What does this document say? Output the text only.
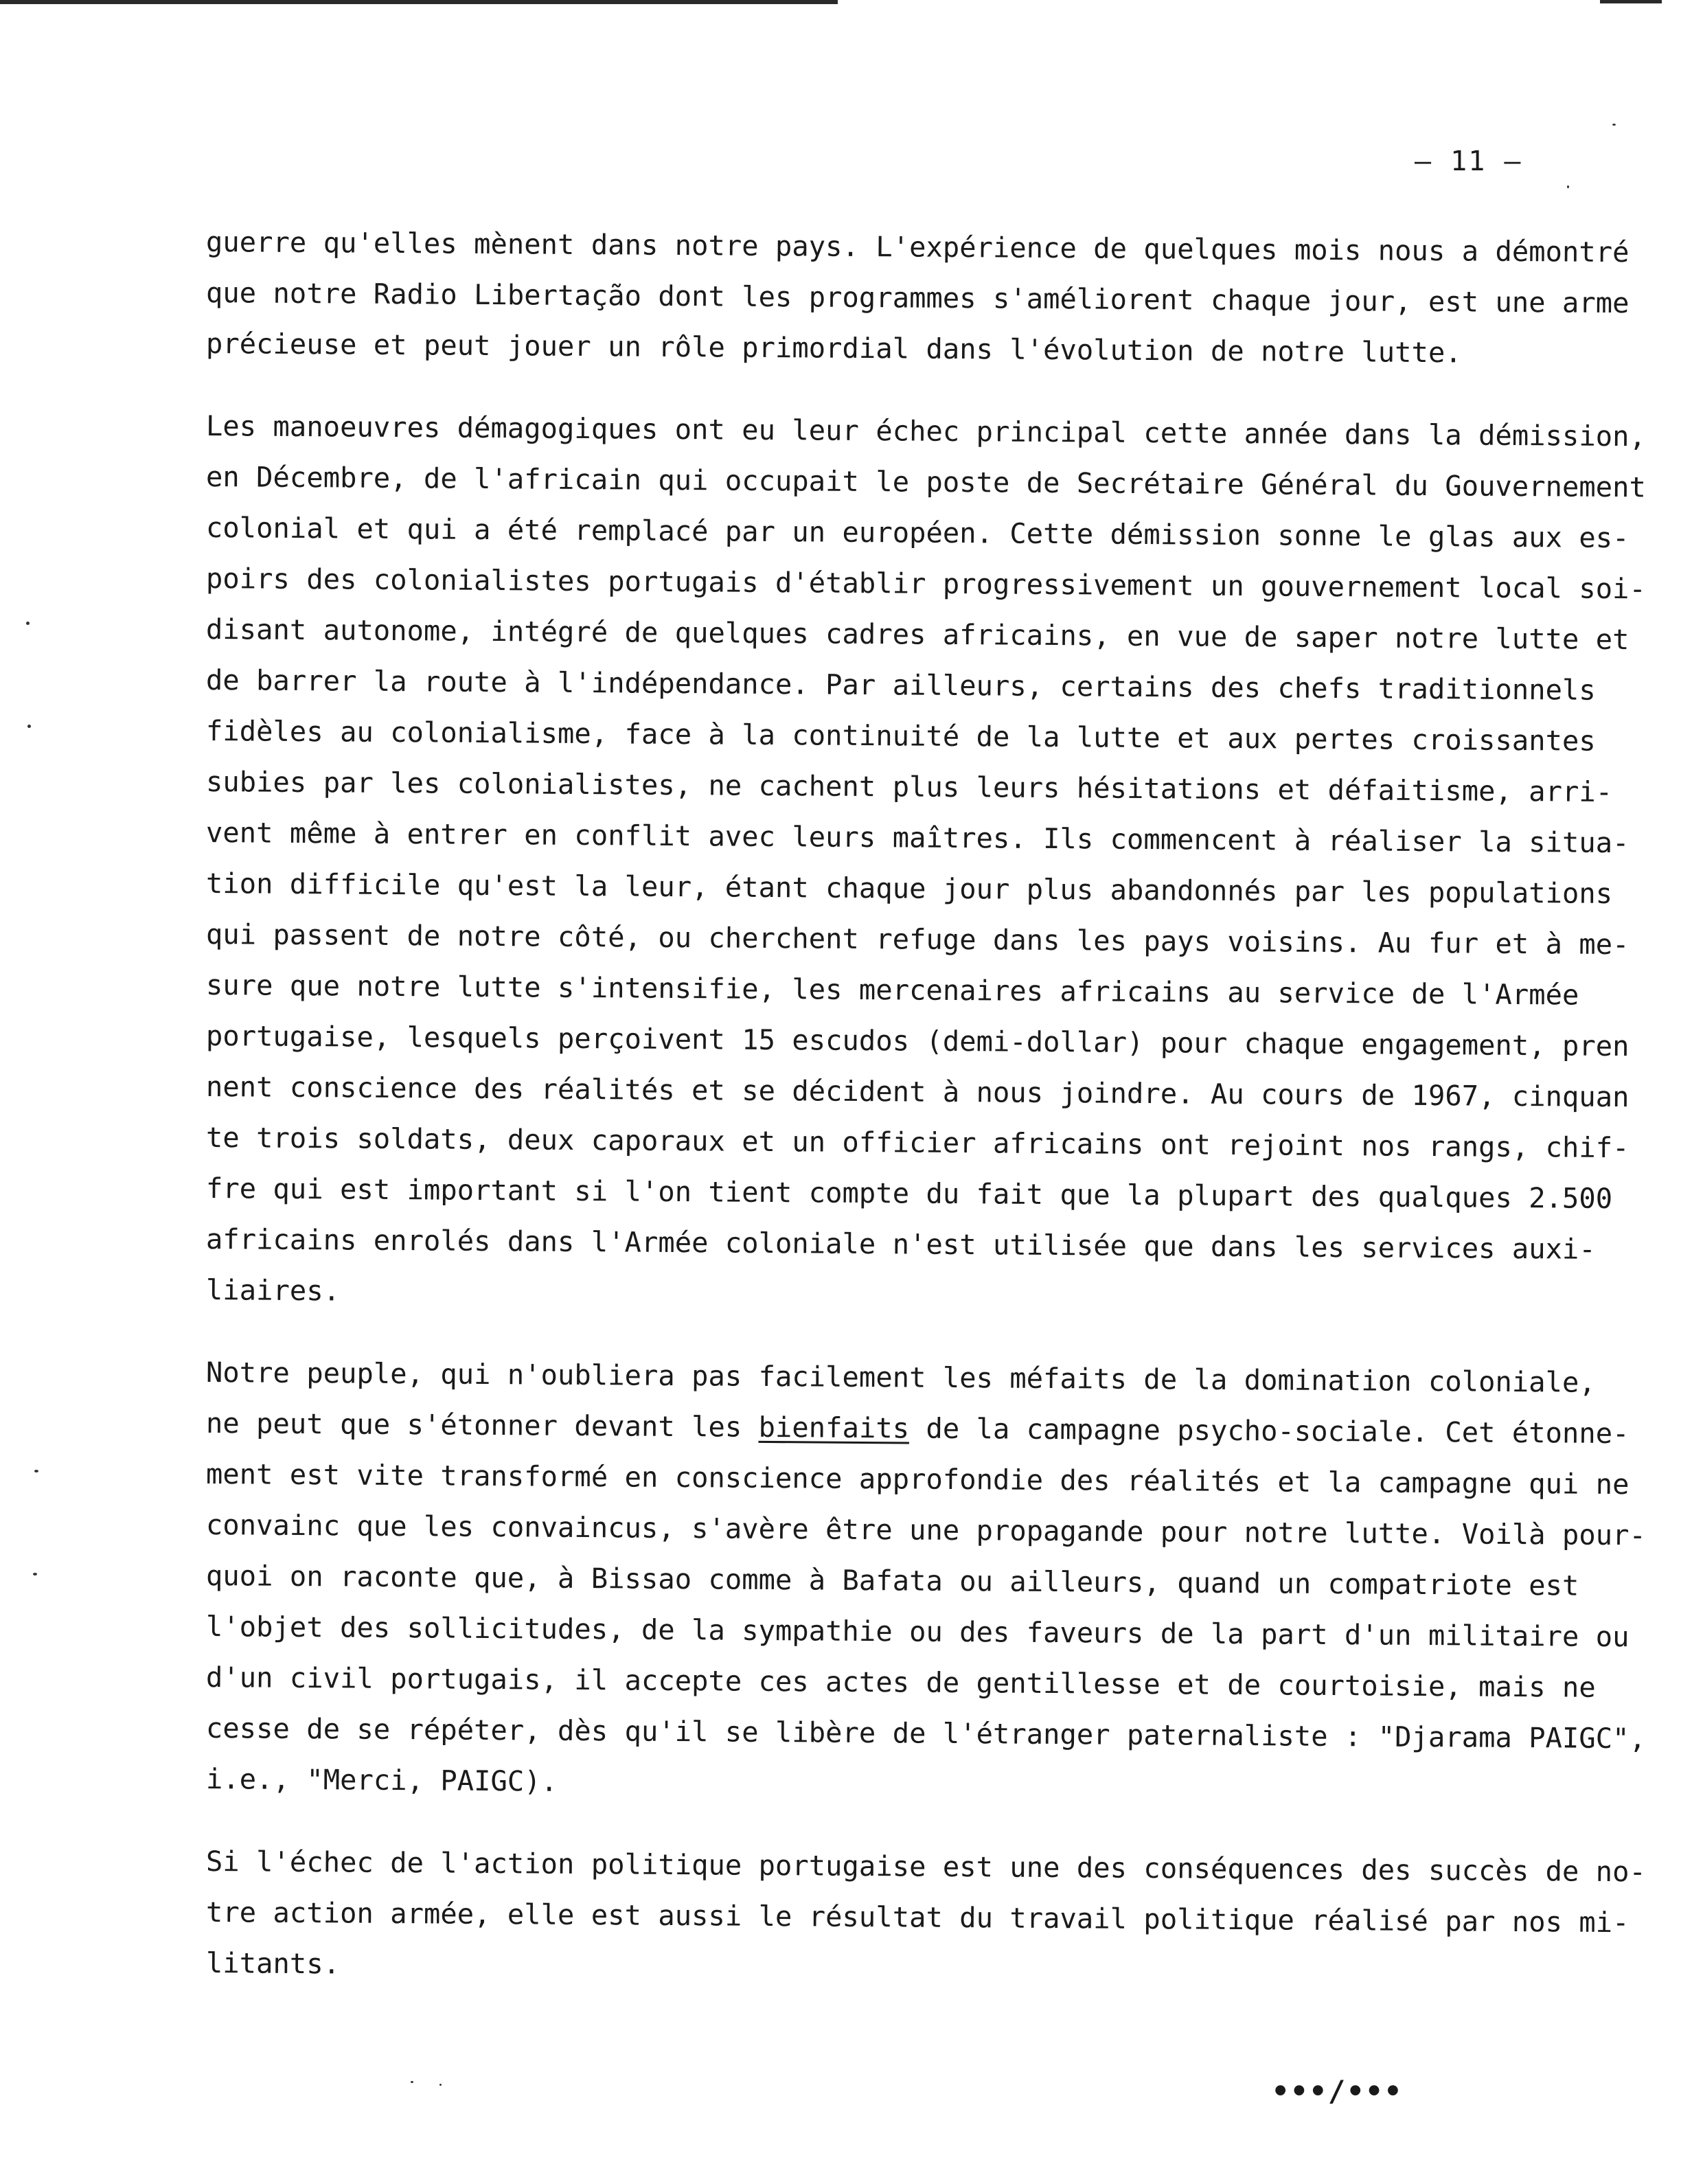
– 11 –
guerre qu'elles mènent dans notre pays. L'expérience de quelques mois nous a démontré
que notre Radio Libertação dont les programmes s'améliorent chaque jour, est une arme
précieuse et peut jouer un rôle primordial dans l'évolution de notre lutte.
Les manoeuvres démagogiques ont eu leur échec principal cette année dans la démission,
en Décembre, de l'africain qui occupait le poste de Secrétaire Général du Gouvernement
colonial et qui a été remplacé par un européen. Cette démission sonne le glas aux es-
poirs des colonialistes portugais d'établir progressivement un gouvernement local soi-
disant autonome, intégré de quelques cadres africains, en vue de saper notre lutte et
de barrer la route à l'indépendance. Par ailleurs, certains des chefs traditionnels
fidèles au colonialisme, face à la continuité de la lutte et aux pertes croissantes
subies par les colonialistes, ne cachent plus leurs hésitations et défaitisme, arri-
vent même à entrer en conflit avec leurs maîtres. Ils commencent à réaliser la situa-
tion difficile qu'est la leur, étant chaque jour plus abandonnés par les populations
qui passent de notre côté, ou cherchent refuge dans les pays voisins. Au fur et à me-
sure que notre lutte s'intensifie, les mercenaires africains au service de l'Armée
portugaise, lesquels perçoivent 15 escudos (demi-dollar) pour chaque engagement, pren
nent conscience des réalités et se décident à nous joindre. Au cours de 1967, cinquan
te trois soldats, deux caporaux et un officier africains ont rejoint nos rangs, chif-
fre qui est important si l'on tient compte du fait que la plupart des qualques 2.500
africains enrolés dans l'Armée coloniale n'est utilisée que dans les services auxi-
liaires.
Notre peuple, qui n'oubliera pas facilement les méfaits de la domination coloniale,
ne peut que s'étonner devant les bienfaits de la campagne psycho-sociale. Cet étonne-
ment est vite transformé en conscience approfondie des réalités et la campagne qui ne
convainc que les convaincus, s'avère être une propagande pour notre lutte. Voilà pour-
quoi on raconte que, à Bissao comme à Bafata ou ailleurs, quand un compatriote est
l'objet des sollicitudes, de la sympathie ou des faveurs de la part d'un militaire ou
d'un civil portugais, il accepte ces actes de gentillesse et de courtoisie, mais ne
cesse de se répéter, dès qu'il se libère de l'étranger paternaliste : "Djarama PAIGC",
i.e., "Merci, PAIGC).
Si l'échec de l'action politique portugaise est une des conséquences des succès de no-
tre action armée, elle est aussi le résultat du travail politique réalisé par nos mi-
litants.
•••/•••
